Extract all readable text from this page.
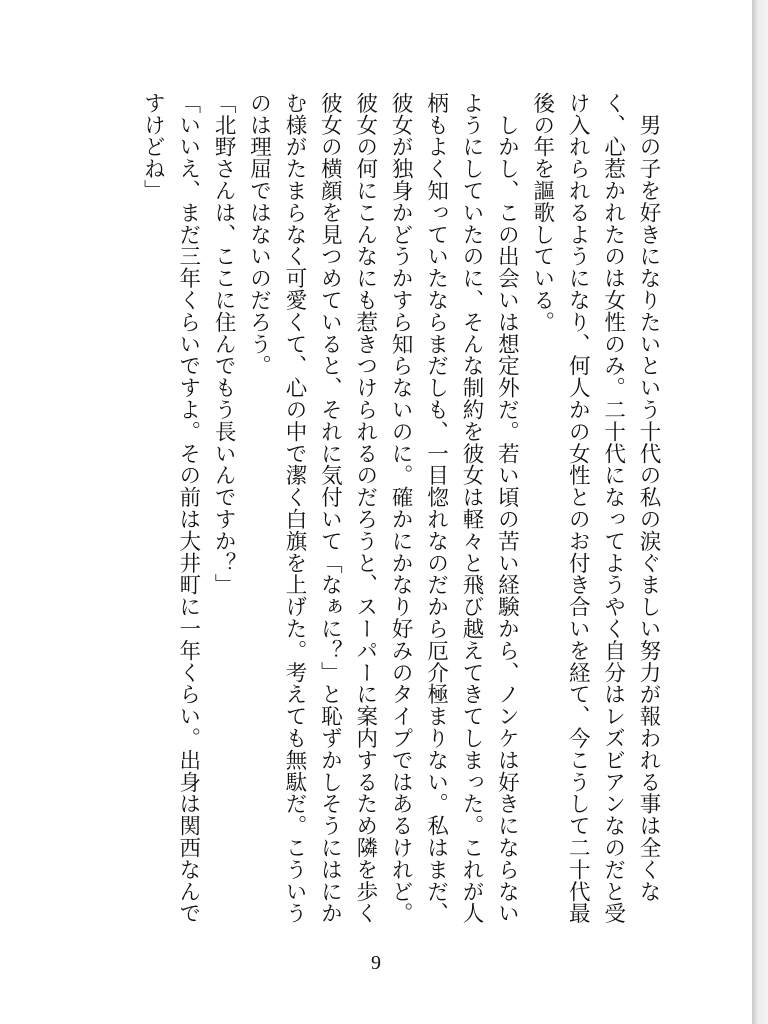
　男の子を好きになりたいという十代の私の涙ぐましい努力が報われる事は全くなく、心惹かれたのは女性のみ。二十代になってようやく自分はレズビアンなのだと受け入れられるようになり、何人かの女性とのお付き合いを経て、今こうして二十代最後の年を謳歌している。

　しかし、この出会いは想定外だ。若い頃の苦い経験から、ノンケは好きにならないようにしていたのに、そんな制約を彼女は軽々と飛び越えてきてしまった。これが人柄もよく知っていたならまだしも、一目惚れなのだから厄介極まりない。私はまだ、彼女が独身かどうかすら知らないのに。確かにかなり好みのタイプではあるけれど。彼女の何にこんなにも惹きつけられるのだろうと、スーパーに案内するため隣を歩く彼女の横顔を見つめていると、それに気付いて「なぁに？」と恥ずかしそうにはにかむ様がたまらなく可愛くて、心の中で潔く白旗を上げた。考えても無駄だ。こういうのは理屈ではないのだろう。

「北野さんは、ここに住んでもう長いんですか？」

「いいえ、まだ三年くらいですよ。その前は大井町に一年くらい。出身は関西なんですけどね」

9
